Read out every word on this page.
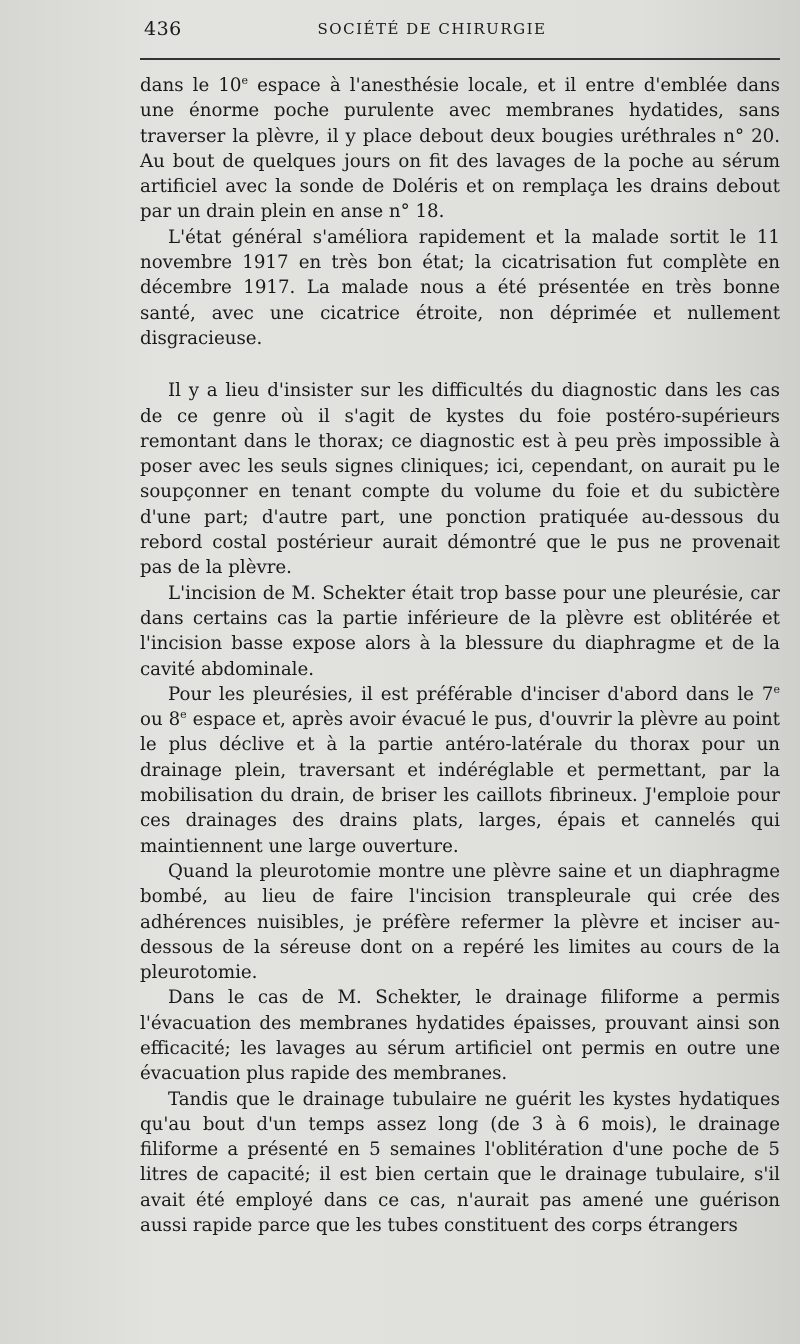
436	SOCIÉTÉ DE CHIRURGIE

dans le 10e espace à l'anesthésie locale, et il entre d'emblée dans une énorme poche purulente avec membranes hydatides, sans traverser la plèvre, il y place debout deux bougies uréthrales n° 20. Au bout de quelques jours on fit des lavages de la poche au sérum artificiel avec la sonde de Doléris et on remplaça les drains debout par un drain plein en anse n° 18.

L'état général s'améliora rapidement et la malade sortit le 11 novembre 1917 en très bon état; la cicatrisation fut complète en décembre 1917. La malade nous a été présentée en très bonne santé, avec une cicatrice étroite, non déprimée et nullement disgracieuse.

Il y a lieu d'insister sur les difficultés du diagnostic dans les cas de ce genre où il s'agit de kystes du foie postéro-supérieurs remontant dans le thorax; ce diagnostic est à peu près impossible à poser avec les seuls signes cliniques; ici, cependant, on aurait pu le soupçonner en tenant compte du volume du foie et du subictère d'une part; d'autre part, une ponction pratiquée au-dessous du rebord costal postérieur aurait démontré que le pus ne provenait pas de la plèvre.

L'incision de M. Schekter était trop basse pour une pleurésie, car dans certains cas la partie inférieure de la plèvre est oblitérée et l'incision basse expose alors à la blessure du diaphragme et de la cavité abdominale.

Pour les pleurésies, il est préférable d'inciser d'abord dans le 7e ou 8e espace et, après avoir évacué le pus, d'ouvrir la plèvre au point le plus déclive et à la partie antéro-latérale du thorax pour un drainage plein, traversant et indéréglable et permettant, par la mobilisation du drain, de briser les caillots fibrineux. J'emploie pour ces drainages des drains plats, larges, épais et cannelés qui maintiennent une large ouverture.

Quand la pleurotomie montre une plèvre saine et un diaphragme bombé, au lieu de faire l'incision transpleurale qui crée des adhérences nuisibles, je préfère refermer la plèvre et inciser au-dessous de la séreuse dont on a repéré les limites au cours de la pleurotomie.

Dans le cas de M. Schekter, le drainage filiforme a permis l'évacuation des membranes hydatides épaisses, prouvant ainsi son efficacité; les lavages au sérum artificiel ont permis en outre une évacuation plus rapide des membranes.

Tandis que le drainage tubulaire ne guérit les kystes hydatiques qu'au bout d'un temps assez long (de 3 à 6 mois), le drainage filiforme a présenté en 5 semaines l'oblitération d'une poche de 5 litres de capacité; il est bien certain que le drainage tubulaire, s'il avait été employé dans ce cas, n'aurait pas amené une guérison aussi rapide parce que les tubes constituent des corps étrangers
